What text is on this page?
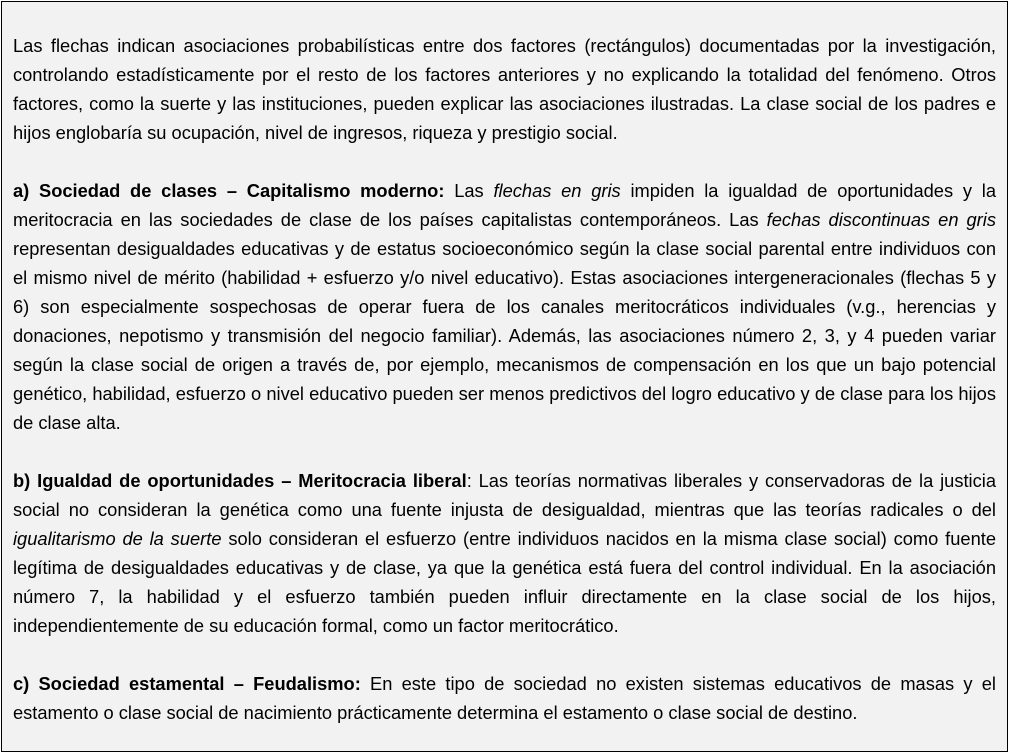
Las flechas indican asociaciones probabilísticas entre dos factores (rectángulos) documentadas por la investigación, controlando estadísticamente por el resto de los factores anteriores y no explicando la totalidad del fenómeno. Otros factores, como la suerte y las instituciones, pueden explicar las asociaciones ilustradas. La clase social de los padres e hijos englobaría su ocupación, nivel de ingresos, riqueza y prestigio social.

a) Sociedad de clases – Capitalismo moderno: Las flechas en gris impiden la igualdad de oportunidades y la meritocracia en las sociedades de clase de los países capitalistas contemporáneos. Las fechas discontinuas en gris representan desigualdades educativas y de estatus socioeconómico según la clase social parental entre individuos con el mismo nivel de mérito (habilidad + esfuerzo y/o nivel educativo). Estas asociaciones intergeneracionales (flechas 5 y 6) son especialmente sospechosas de operar fuera de los canales meritocráticos individuales (v.g., herencias y donaciones, nepotismo y transmisión del negocio familiar). Además, las asociaciones número 2, 3, y 4 pueden variar según la clase social de origen a través de, por ejemplo, mecanismos de compensación en los que un bajo potencial genético, habilidad, esfuerzo o nivel educativo pueden ser menos predictivos del logro educativo y de clase para los hijos de clase alta.

b) Igualdad de oportunidades – Meritocracia liberal: Las teorías normativas liberales y conservadoras de la justicia social no consideran la genética como una fuente injusta de desigualdad, mientras que las teorías radicales o del igualitarismo de la suerte solo consideran el esfuerzo (entre individuos nacidos en la misma clase social) como fuente legítima de desigualdades educativas y de clase, ya que la genética está fuera del control individual. En la asociación número 7, la habilidad y el esfuerzo también pueden influir directamente en la clase social de los hijos, independientemente de su educación formal, como un factor meritocrático.

c) Sociedad estamental – Feudalismo: En este tipo de sociedad no existen sistemas educativos de masas y el estamento o clase social de nacimiento prácticamente determina el estamento o clase social de destino.
